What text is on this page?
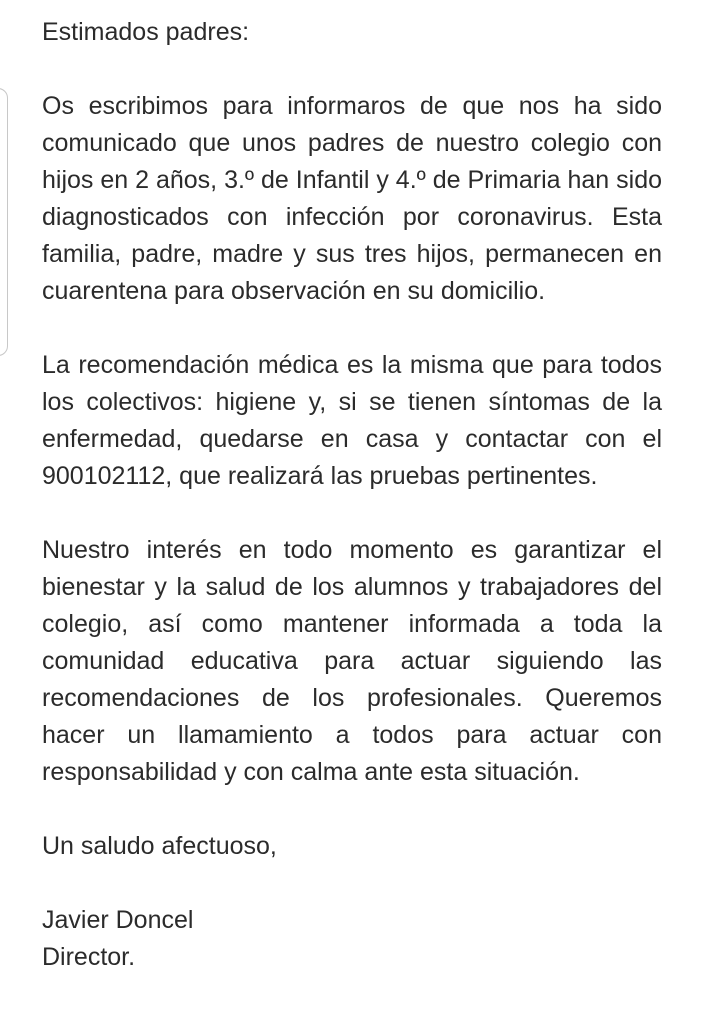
Estimados padres:

Os escribimos para informaros de que nos ha sido comunicado que unos padres de nuestro colegio con hijos en 2 años, 3.º de Infantil y 4.º de Primaria han sido diagnosticados con infección por coronavirus. Esta familia, padre, madre y sus tres hijos, permanecen en cuarentena para observación en su domicilio.

La recomendación médica es la misma que para todos los colectivos: higiene y, si se tienen síntomas de la enfermedad, quedarse en casa y contactar con el 900102112, que realizará las pruebas pertinentes.

Nuestro interés en todo momento es garantizar el bienestar y la salud de los alumnos y trabajadores del colegio, así como mantener informada a toda la comunidad educativa para actuar siguiendo las recomendaciones de los profesionales. Queremos hacer un llamamiento a todos para actuar con responsabilidad y con calma ante esta situación.

Un saludo afectuoso,

Javier Doncel

Director.
